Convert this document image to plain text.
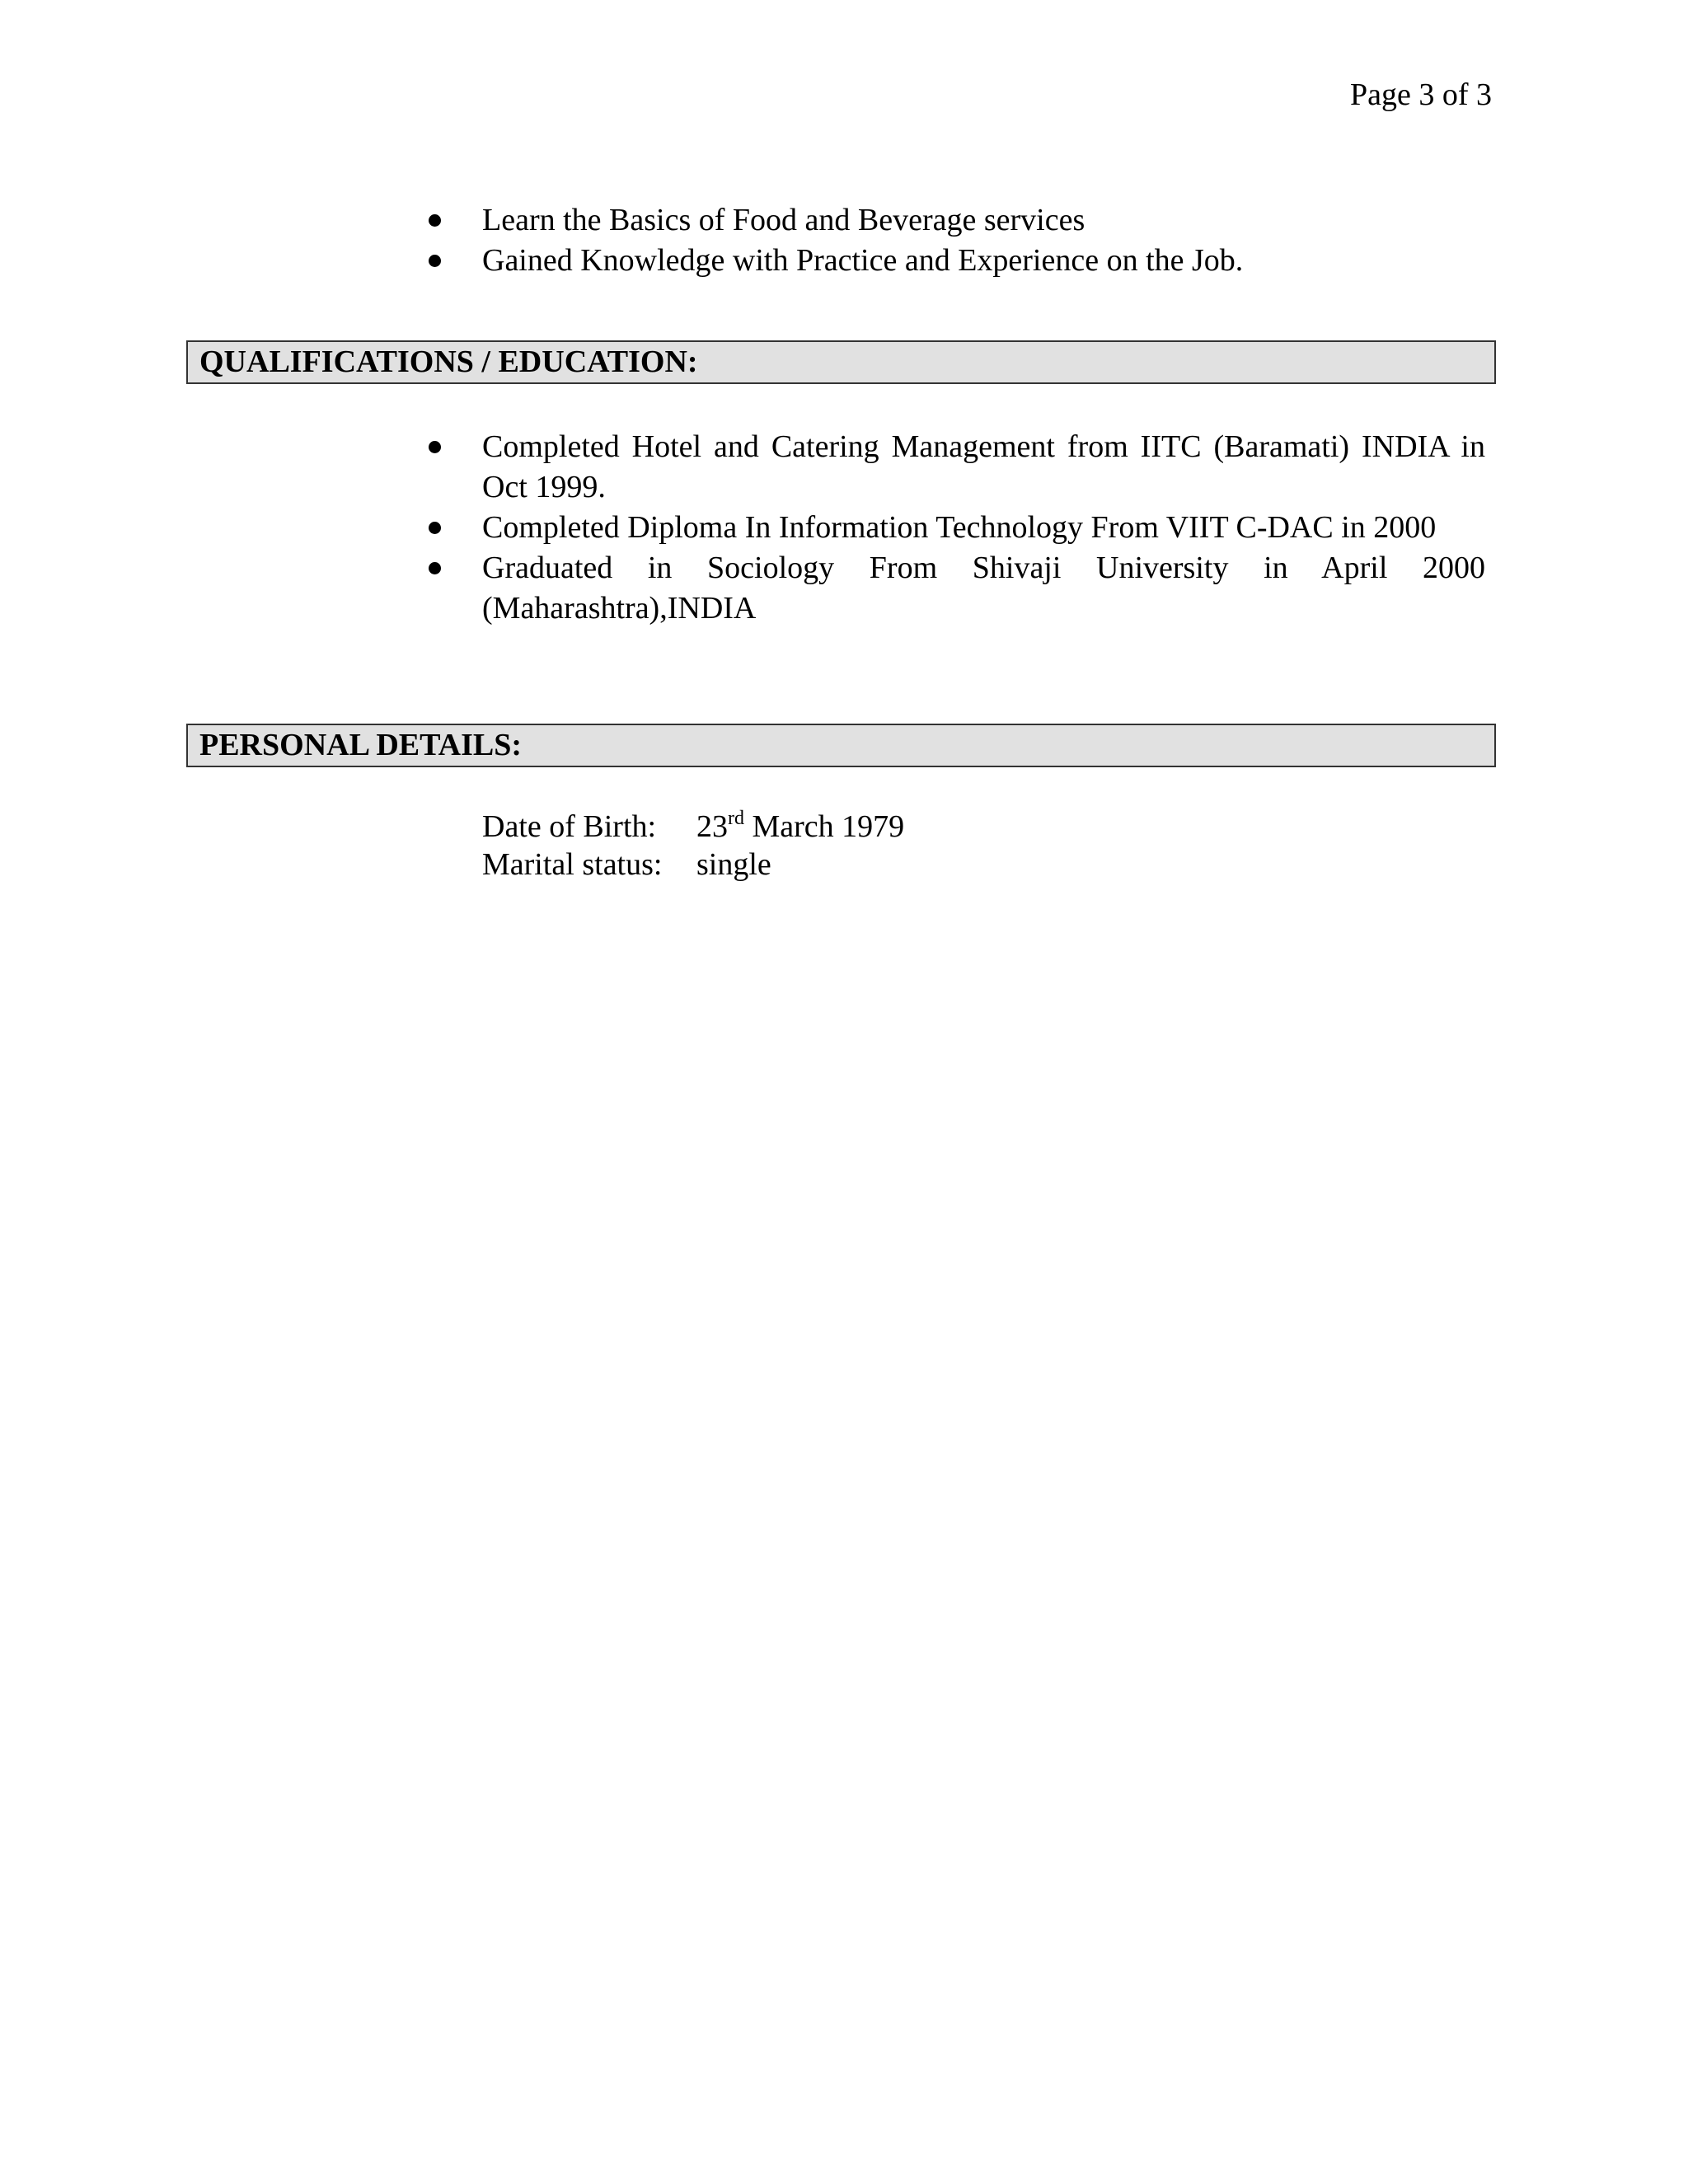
Page 3 of 3
Learn the Basics of Food and Beverage services
Gained Knowledge with Practice and Experience on the Job.
QUALIFICATIONS / EDUCATION:
Completed Hotel and Catering Management from IITC (Baramati) INDIA in Oct 1999.
Completed Diploma In Information Technology From VIIT C-DAC in 2000
Graduated in Sociology From Shivaji University in April 2000 (Maharashtra),INDIA
PERSONAL DETAILS:
Date of Birth:	23rd March 1979
Marital status:	single
